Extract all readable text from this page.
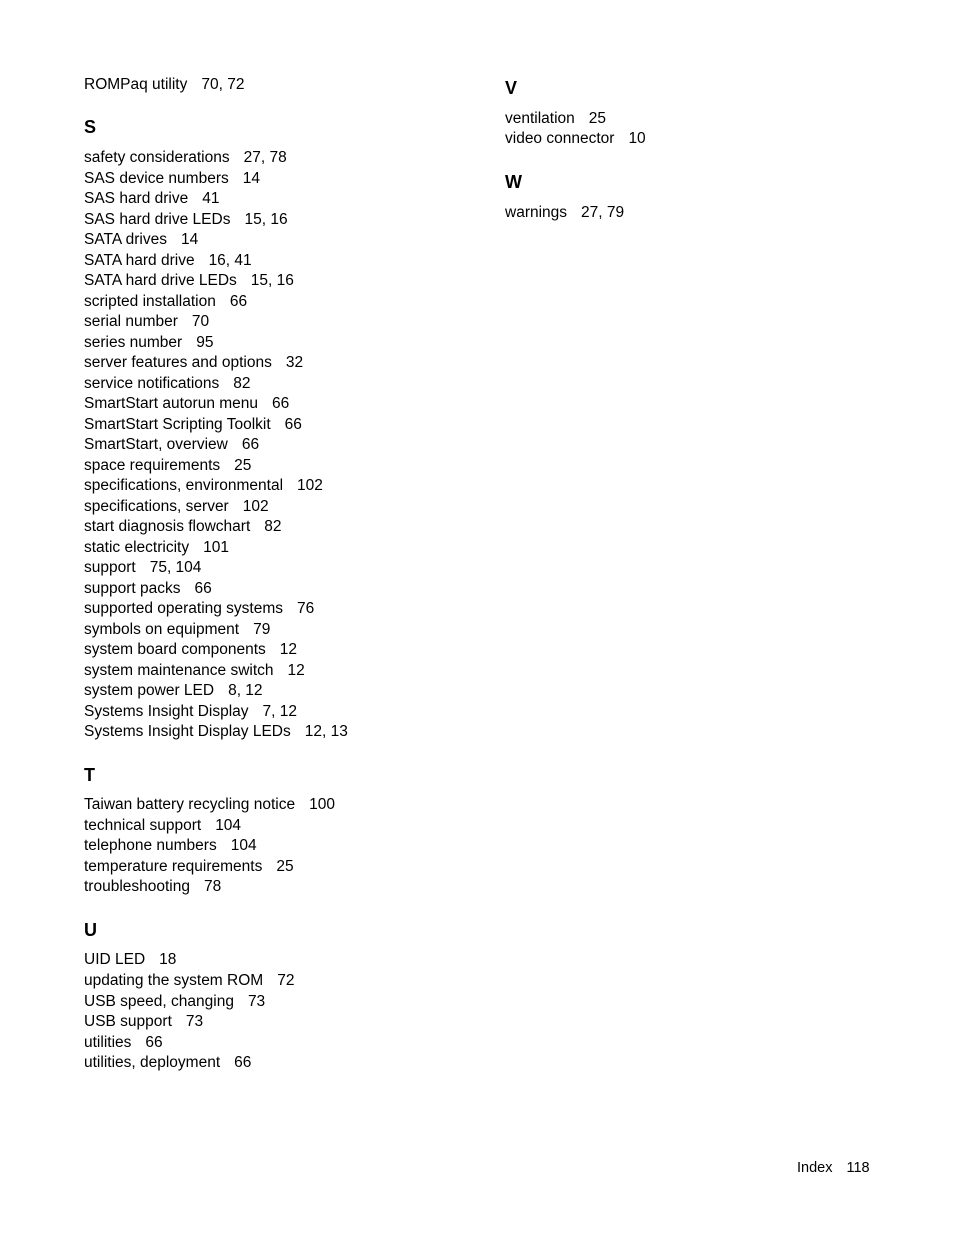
ROMPaq utility 70, 72
S
safety considerations 27, 78
SAS device numbers 14
SAS hard drive 41
SAS hard drive LEDs 15, 16
SATA drives 14
SATA hard drive 16, 41
SATA hard drive LEDs 15, 16
scripted installation 66
serial number 70
series number 95
server features and options 32
service notifications 82
SmartStart autorun menu 66
SmartStart Scripting Toolkit 66
SmartStart, overview 66
space requirements 25
specifications, environmental 102
specifications, server 102
start diagnosis flowchart 82
static electricity 101
support 75, 104
support packs 66
supported operating systems 76
symbols on equipment 79
system board components 12
system maintenance switch 12
system power LED 8, 12
Systems Insight Display 7, 12
Systems Insight Display LEDs 12, 13
T
Taiwan battery recycling notice 100
technical support 104
telephone numbers 104
temperature requirements 25
troubleshooting 78
U
UID LED 18
updating the system ROM 72
USB speed, changing 73
USB support 73
utilities 66
utilities, deployment 66
V
ventilation 25
video connector 10
W
warnings 27, 79
Index 118
